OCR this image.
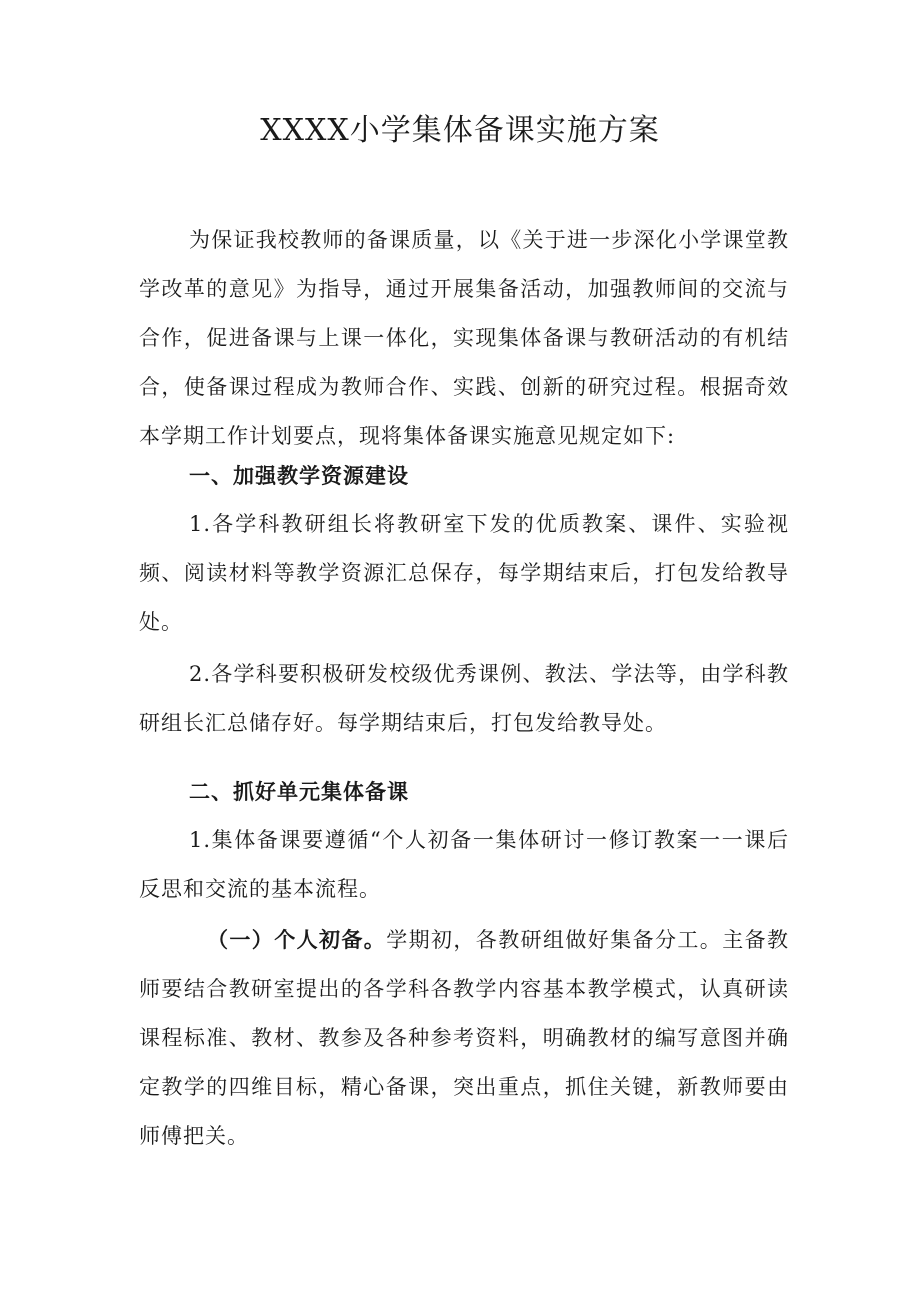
XXXX小学集体备课实施方案

为保证我校教师的备课质量，以《关于进一步深化小学课堂教学改革的意见》为指导，通过开展集备活动，加强教师间的交流与合作，促进备课与上课一体化，实现集体备课与教研活动的有机结合，使备课过程成为教师合作、实践、创新的研究过程。根据奇效本学期工作计划要点，现将集体备课实施意见规定如下:

一、加强教学资源建设

1.各学科教研组长将教研室下发的优质教案、课件、实验视频、阅读材料等教学资源汇总保存，每学期结束后，打包发给教导处。

2.各学科要积极研发校级优秀课例、教法、学法等，由学科教研组长汇总储存好。每学期结束后，打包发给教导处。

二、抓好单元集体备课

1.集体备课要遵循“个人初备一集体研讨一修订教案一一课后反思和交流的基本流程。

（一）个人初备。学期初，各教研组做好集备分工。主备教师要结合教研室提出的各学科各教学内容基本教学模式，认真研读课程标准、教材、教参及各种参考资料，明确教材的编写意图并确定教学的四维目标，精心备课，突出重点，抓住关键，新教师要由师傅把关。
